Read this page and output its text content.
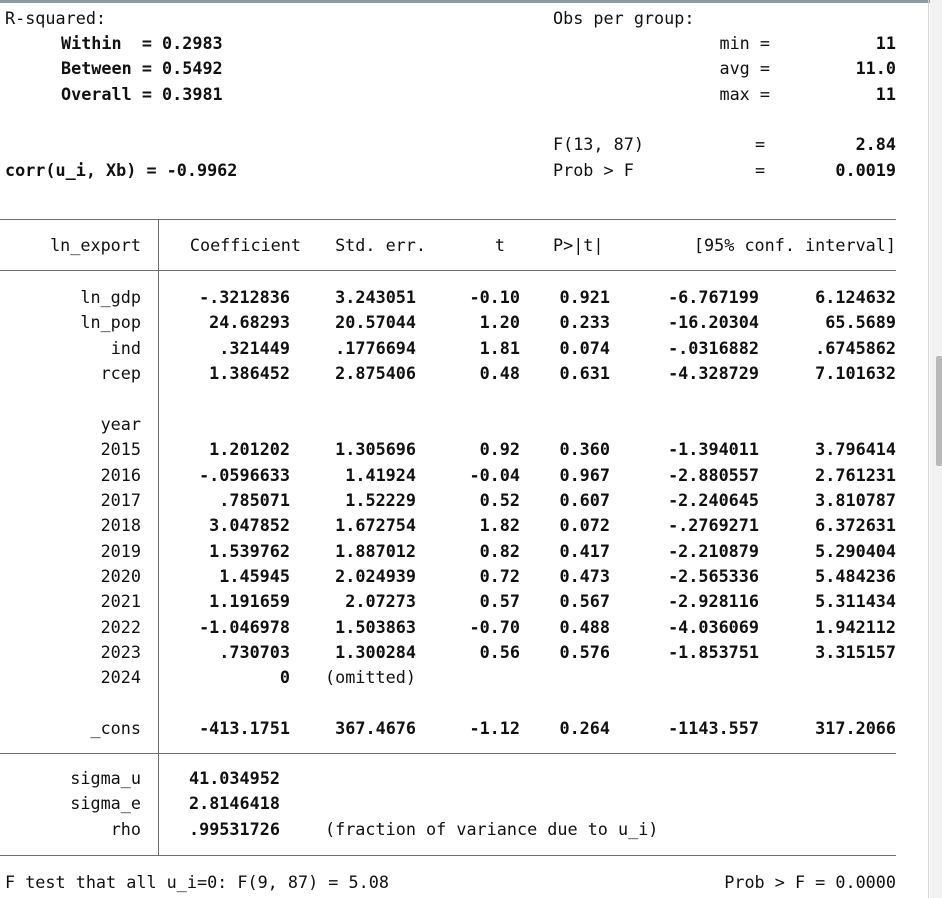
R-squared:
Within  = 0.2983
Between = 0.5492
Overall = 0.3981
corr(u_i, Xb) = -0.9962
Obs per group:
min =	11
avg =	11.0
max =	11
F(13, 87)	=	2.84
Prob > F	=	0.0019
ln_export	Coefficient	Std. err.	t	P>|t|	[95% conf. interval]
ln_gdp	-.3212836	3.243051	-0.10	0.921	-6.767199	6.124632
ln_pop	24.68293	20.57044	1.20	0.233	-16.20304	65.5689
ind	.321449	.1776694	1.81	0.074	-.0316882	.6745862
rcep	1.386452	2.875406	0.48	0.631	-4.328729	7.101632
year
2015	1.201202	1.305696	0.92	0.360	-1.394011	3.796414
2016	-.0596633	1.41924	-0.04	0.967	-2.880557	2.761231
2017	.785071	1.52229	0.52	0.607	-2.240645	3.810787
2018	3.047852	1.672754	1.82	0.072	-.2769271	6.372631
2019	1.539762	1.887012	0.82	0.417	-2.210879	5.290404
2020	1.45945	2.024939	0.72	0.473	-2.565336	5.484236
2021	1.191659	2.07273	0.57	0.567	-2.928116	5.311434
2022	-1.046978	1.503863	-0.70	0.488	-4.036069	1.942112
2023	.730703	1.300284	0.56	0.576	-1.853751	3.315157
2024	0 (omitted)
_cons	-413.1751	367.4676	-1.12	0.264	-1143.557	317.2066
sigma_u	41.034952
sigma_e	2.8146418
rho	.99531726	(fraction of variance due to u_i)
F test that all u_i=0: F(9, 87) = 5.08	Prob > F = 0.0000
